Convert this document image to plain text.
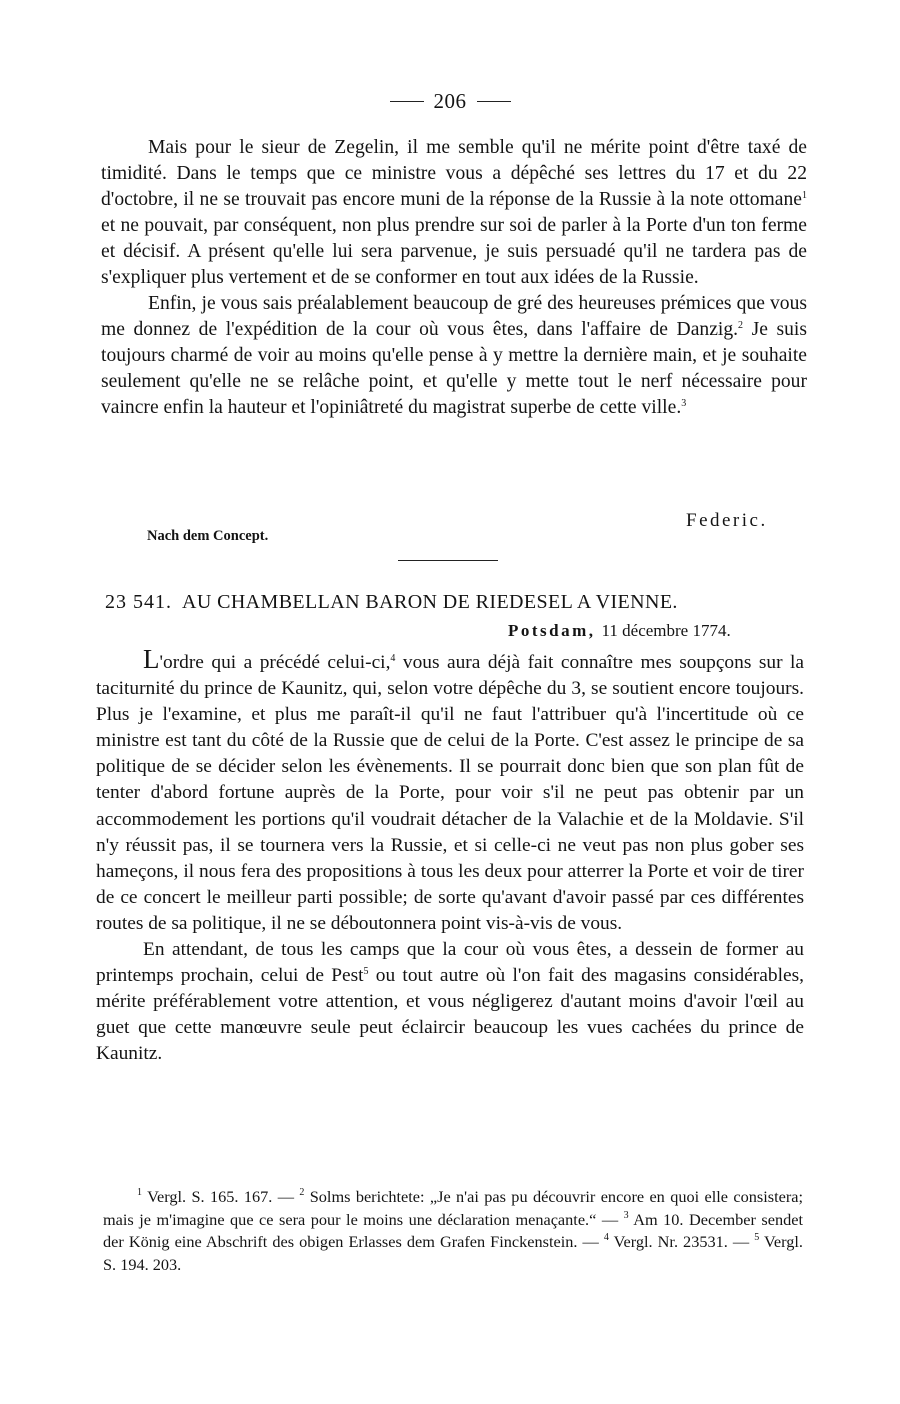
206

Mais pour le sieur de Zegelin, il me semble qu'il ne mérite point d'être taxé de timidité. Dans le temps que ce ministre vous a dépêché ses lettres du 17 et du 22 d'octobre, il ne se trouvait pas encore muni de la réponse de la Russie à la note ottomane$^1$ et ne pouvait, par conséquent, non plus prendre sur soi de parler à la Porte d'un ton ferme et décisif. A présent qu'elle lui sera parvenue, je suis persuadé qu'il ne tardera pas de s'expliquer plus vertement et de se conformer en tout aux idées de la Russie.

Enfin, je vous sais préalablement beaucoup de gré des heureuses prémices que vous me donnez de l'expédition de la cour où vous êtes, dans l'affaire de Danzig.$^2$ Je suis toujours charmé de voir au moins qu'elle pense à y mettre la dernière main, et je souhaite seulement qu'elle ne se relâche point, et qu'elle y mette tout le nerf nécessaire pour vaincre enfin la hauteur et l'opiniâtreté du magistrat superbe de cette ville.$^3$

Federic.
Nach dem Concept.
23 541. AU CHAMBELLAN BARON DE RIEDESEL A VIENNE.
Potsdam, 11 décembre 1774.

L'ordre qui a précédé celui-ci,$^4$ vous aura déjà fait connaître mes soupçons sur la taciturnité du prince de Kaunitz, qui, selon votre dépêche du 3, se soutient encore toujours. Plus je l'examine, et plus me paraît-il qu'il ne faut l'attribuer qu'à l'incertitude où ce ministre est tant du côté de la Russie que de celui de la Porte. C'est assez le principe de sa politique de se décider selon les évènements. Il se pourrait donc bien que son plan fût de tenter d'abord fortune auprès de la Porte, pour voir s'il ne peut pas obtenir par un accommodement les portions qu'il voudrait détacher de la Valachie et de la Moldavie. S'il n'y réussit pas, il se tournera vers la Russie, et si celle-ci ne veut pas non plus gober ses hameçons, il nous fera des propositions à tous les deux pour atterrer la Porte et voir de tirer de ce concert le meilleur parti possible; de sorte qu'avant d'avoir passé par ces différentes routes de sa politique, il ne se déboutonnera point vis-à-vis de vous.

En attendant, de tous les camps que la cour où vous êtes, a dessein de former au printemps prochain, celui de Pest$^5$ ou tout autre où l'on fait des magasins considérables, mérite préférablement votre attention, et vous négligerez d'autant moins d'avoir l'œil au guet que cette manœuvre seule peut éclaircir beaucoup les vues cachées du prince de Kaunitz.

$^1$ Vergl. S. 165. 167. — $^2$ Solms berichtete: „Je n'ai pas pu découvrir encore en quoi elle consistera; mais je m'imagine que ce sera pour le moins une déclaration menaçante.“ — $^3$ Am 10. December sendet der König eine Abschrift des obigen Erlasses dem Grafen Finckenstein. — $^4$ Vergl. Nr. 23531. — $^5$ Vergl. S. 194. 203.
